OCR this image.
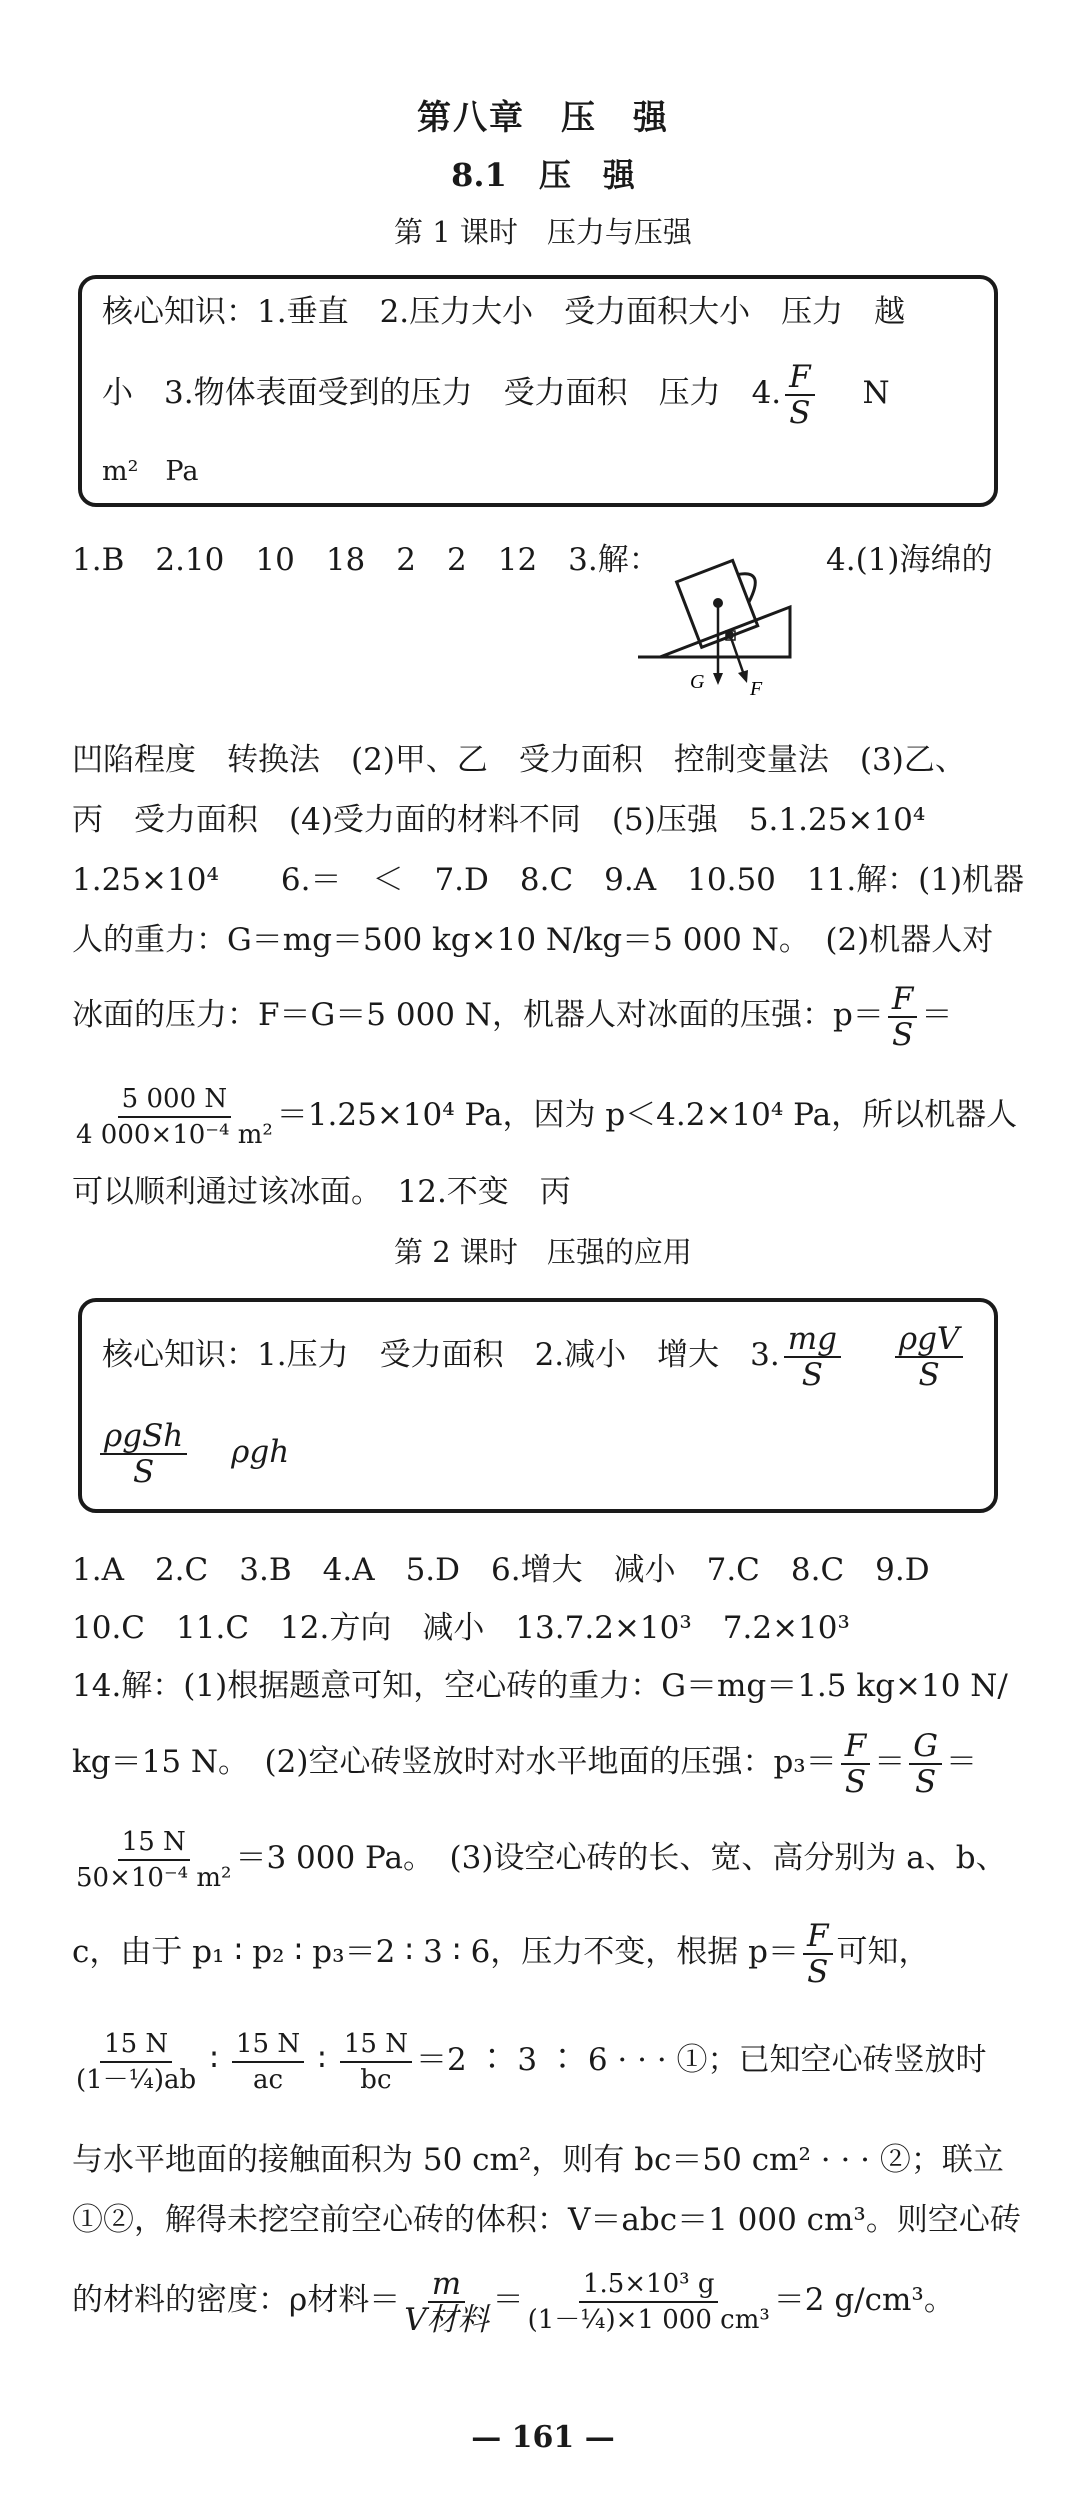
第八章　压　强
8.1　压　强
第 1 课时　压力与压强
核心知识：1.垂直　2.压力大小　受力面积大小　压力　越
小　3.物体表面受到的压力　受力面积　压力　4. $\frac{F}{S}$ N
m²　Pa
1.B　2.10　10　18　2　2　12　3.解：	4.(1)海绵的
G F
凹陷程度　转换法　(2)甲、乙　受力面积　控制变量法　(3)乙、
丙　受力面积　(4)受力面的材料不同　(5)压强　5.1.25×10⁴
1.25×10⁴　　6.＝　＜　7.D　8.C　9.A　10.50　11.解：(1)机器
人的重力：G＝mg＝500 kg×10 N/kg＝5 000 N。　(2)机器人对
冰面的压力：F＝G＝5 000 N，机器人对冰面的压强：$p= \frac{F}{S}$ ＝
$\frac{5 000 N}{\text{4 000×10⁻⁴ m²}} =1.25\times 10^4$ Pa，因为 p＜4.2×10⁴ Pa，所以机器人
可以顺利通过该冰面。　12.不变　丙
第 2 课时　压强的应用
核心知识：1.压力　受力面积　2.减小　增大　3. $\frac{mg}{S}$
$\frac{\text{ρgV}}{S}$
$\frac{\text{ρgSh}}{S}$ ρgh
1.A　2.C　3.B　4.A　5.D　6.增大　减小　7.C　8.C　9.D
10.C　11.C　12.方向　减小　13.7.2×10³　7.2×10³
14.解：(1)根据题意可知，空心砖的重力：G＝mg＝1.5 kg×10 N/
kg＝15 N。　(2)空心砖竖放时对水平地面的压强：$p_3= \frac{F}{S} = \frac{G}{S}$ ＝
$\frac{15 N}{\text{50×10⁻⁴ m²}} =3$ 000 Pa。　(3)设空心砖的长、宽、高分别为 a、b、
c，由于 p₁ ∶ p₂ ∶ p₃＝2 ∶ 3 ∶ 6，压力不变，根据 $p= \frac{F}{S}$ 可知，
$\frac{15 N}{\text{(1－¼)ab}}$ ∶ $\frac{15 N}{ac}$ ∶ $\frac{15 N}{bc} =2$ ∶ 3 ∶ 6 · · · ①；已知空心砖竖放时
与水平地面的接触面积为 50 cm²，则有 bc＝50 cm² · · · ②；联立
①②，解得未挖空前空心砖的体积：V＝abc＝1 000 cm³。则空心砖
的材料的密度：ρ材料＝ $\frac{m}{\text{V材料}} = \frac{\text{1.5×10³ g}}{\text{(1－¼)×1 000 cm³}} =2$ g/cm³。
— 161 —
